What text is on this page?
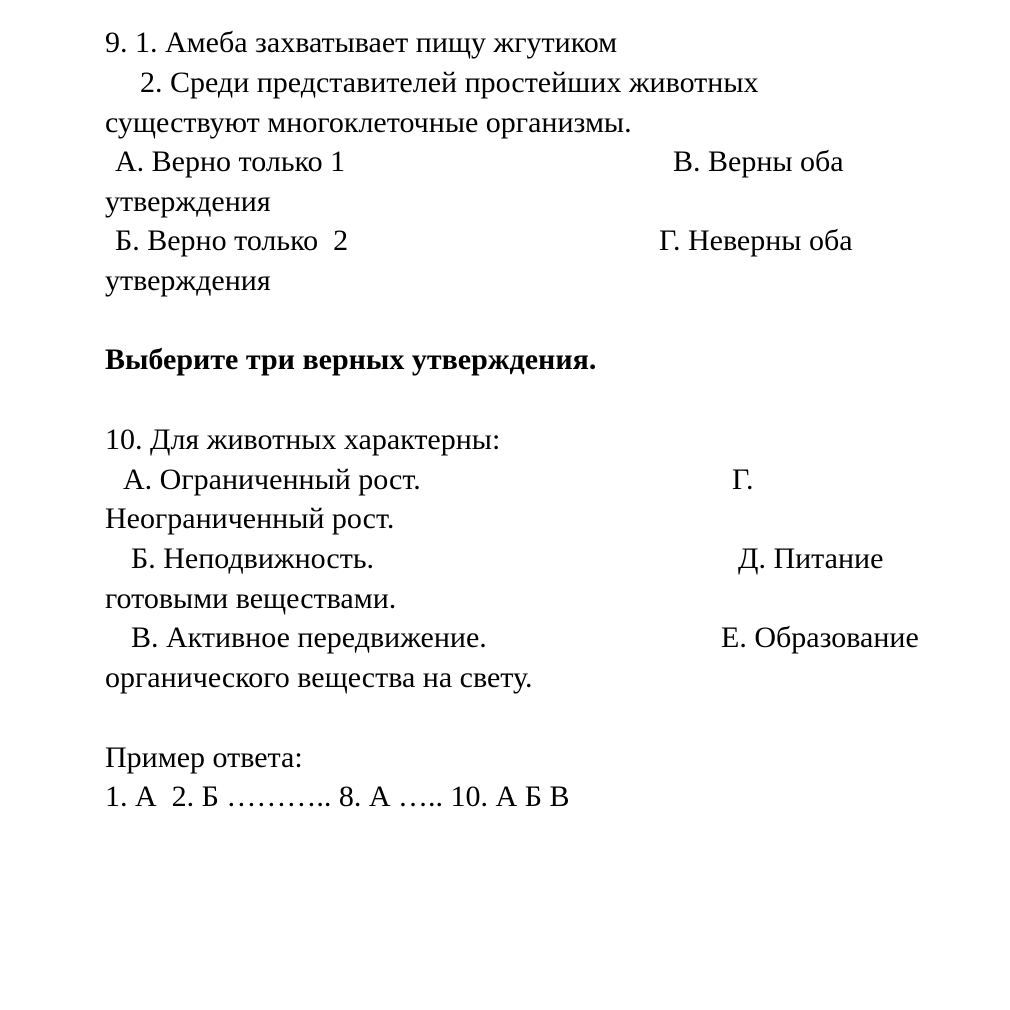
9. 1. Амеба захватывает пищу жгутиком
2. Среди представителей простейших животных
существуют многоклеточные организмы.
А. Верно только 1	В. Верны оба
утверждения
Б. Верно только  2	Г. Неверны оба
утверждения
Выберите три верных утверждения.
10. Для животных характерны:
А. Ограниченный рост.	Г.
Неограниченный рост.
Б. Неподвижность.	Д. Питание
готовыми веществами.
В. Активное передвижение.	Е. Образование
органического вещества на свету.
Пример ответа:
1. А  2. Б ……….. 8. А ….. 10. А Б В
